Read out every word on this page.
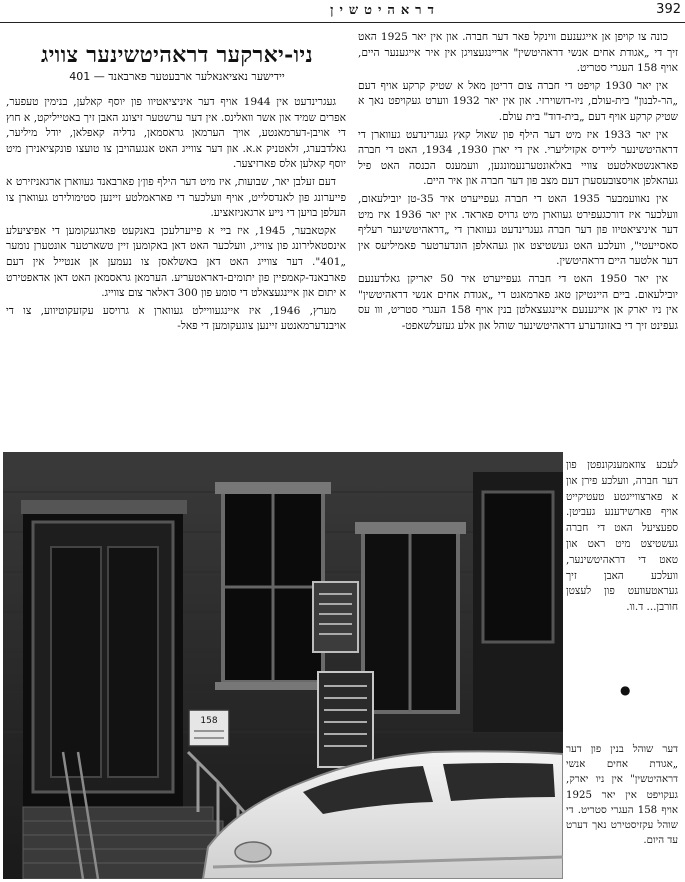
דראהיטשין	392

כונה צו קויפן אן אייגענעם ווינקל פאר דער חברה. און אין יאר 1925 האט זיך די „אגודת אחים אנשי דראהיטשין" אריינגעצויגן אין איר אייגענער היים, אויף 158 העגרי סטריט.

אין יאר 1930 קויפט די חברה צום דריטן מאל א שטיק קרקע אויף דעם „הר-לבנון" בית-עולם, ניו-דזשוירזי. און אין יאר 1932 ווערט געקויפט נאך א שטיק קרקע אויף דעם „בית-דוד" בית עולם.

אין יאר 1933 איז מיט דער הילף פון שאול קאץ געגרינדעט געווארן די דראהיטשינער ליידיס אקזיליערי. אין די יארן 1930, 1934, האט די חברה פאראנשטאלטעט צוויי באלאונטערנעמונגען, וועמענס הכנסה האט פיל געהאלפן אויסצובעסערן דעם מצב פון דער חברה און איר היים.

אין נאוועמבער 1935 האט די חברה געפייערט איר 35-טן יובילעאום, וועלכער איז דורכגעפירט געווארן מיט גרויס פאראד. אין יאר 1936 איז מיט דער איניציאטיוו פון דער חברה געגרינדעט געווארן די „דראהיטשינער רעליף סאסייעטי", וועלכע האט געשטיצט און געהאלפן הונדערטער פאמיליעס אין דער אלטער היים דראהיטשין.

אין יאר 1950 האט די חברה געפייערט איר 50 יאריקן גאלדענעם יובילעאום. ביים היינטיקן טאג פארמאגט די „אגודת אחים אנשי דראהיטשין" אין ניו יארק אן אייגענעם איינגעצאלטן בנין אויף 158 העגרי סטריט, ווו עס געפינט זיך די באזונדערע דראהיטשינער שוהל און אלע געזעלשאפט-

ניו-יארקער דראהיטשינער צוויג
יידישער נאציאנאלער ארבעטער פארבאנד — 401

געגרינדעט אין 1944 אויף דער איניציאטיוו פון יוסף קאלען, בנימין טעפער, אפרים שמיד און אשר וואלינס. אין דער ערשטער זיצונג האבן זיך באטייליקט, א חוץ די אויבן-דערמאנטע, אויך הערמאן גראסמאן, גדליה קאפלאן, יודל מיליער, גאלדבערג, זלאטניק א.א. און דער צווייג האט אנגעהויבן צו טועצו פונקציאנירן מיט יוסף קאלען אלס פארזיצער.

דעם זעלבן יאר, שבועות, איז מיט דער הילף פון׳ן פארבאנד געווארן ארגאניזירט א פייערונג פון לאנדסלייט, אויף וועלכער די פאראמלטע זיינען סטימולירט געווארן צו העלפן בויען די נייע ארגאניזאציע.

אקטאבער, 1945, איז ביי א פייערלעכן באנקעט פארגעקומען די אפיציעלע אינסטאלירונג פון צווייג, וועלכער האט דאן באקומען זיין טשארטער אונטערן נומער „401". דער צווייג האט דאן באשלאסן צו נעמען אן אנטייל אין דעם פארבאנד-קאמפיין פון יתומים-דאראטעריע. הערמאן גראסמאן האט דאן אדאפטירט א יתום און איינגעצאלט די סומע פון 300 דאלאר צום צווייג.

מערץ, 1946, איז איינגעוויילט געווארן א גרויסע עקזעקוטיווע, צו די אויבנדערמאנטע זיינען צוגעקומען די פאל-

158
לעכע צוזאמענקונפטן פון דער חברה, וועלכע פירן און א פארצווייגטע טעטיקייט אויף פארשידענע געביטן. ספעציעל האט די חברה געשטיצט מיט ראט און טאט די דראהיטשינער, וועלכע האבן זיך געראטעוועט פון לעצטן חורבן... ד.וו.
●
דער שוהל בנין פון דער „אגודת אחים אנשי דראהיטשין" אין ניו יארק, געקויפט אין יאר 1925 אויף 158 העגרי סטריט. די שוהל עקזיסטירט נאך דערט עד היום.
